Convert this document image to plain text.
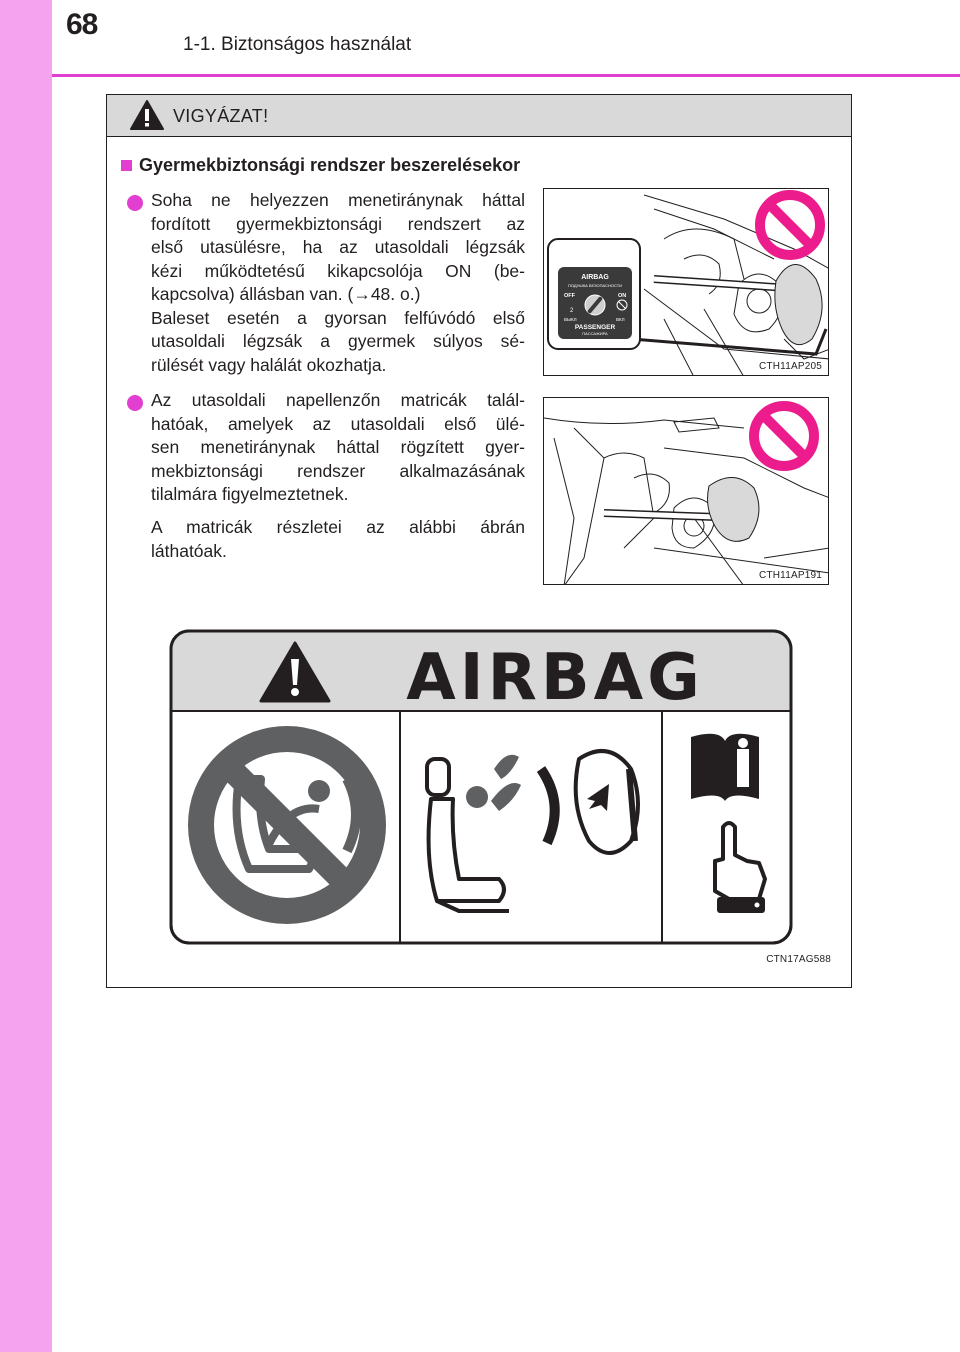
68
1-1. Biztonságos használat
VIGYÁZAT!
Gyermekbiztonsági rendszer beszerelésekor
Soha ne helyezzen menetiránynak háttal
fordított gyermekbiztonsági rendszert az
első utasülésre, ha az utasoldali légzsák
kézi működtetésű kikapcsolója ON (be-
kapcsolva) állásban van. (→48. o.)
Baleset esetén a gyorsan felfúvódó első
utasoldali légzsák a gyermek súlyos sé-
rülését vagy halálát okozhatja.
AIRBAG
ПОДУШКА БЕЗОПАСНОСТИ
OFF	ON
2
ВЫКЛ	ВКЛ
PASSENGER
ПАССАЖИРА
CTH11AP205
Az utasoldali napellenzőn matricák talál-
hatóak, amelyek az utasoldali első ülé-
sen menetiránynak háttal rögzített gyer-
mekbiztonsági rendszer alkalmazásának
tilalmára figyelmeztetnek.
A matricák részletei az alábbi ábrán
láthatóak.
CTH11AP191
AIRBAG
CTN17AG588
